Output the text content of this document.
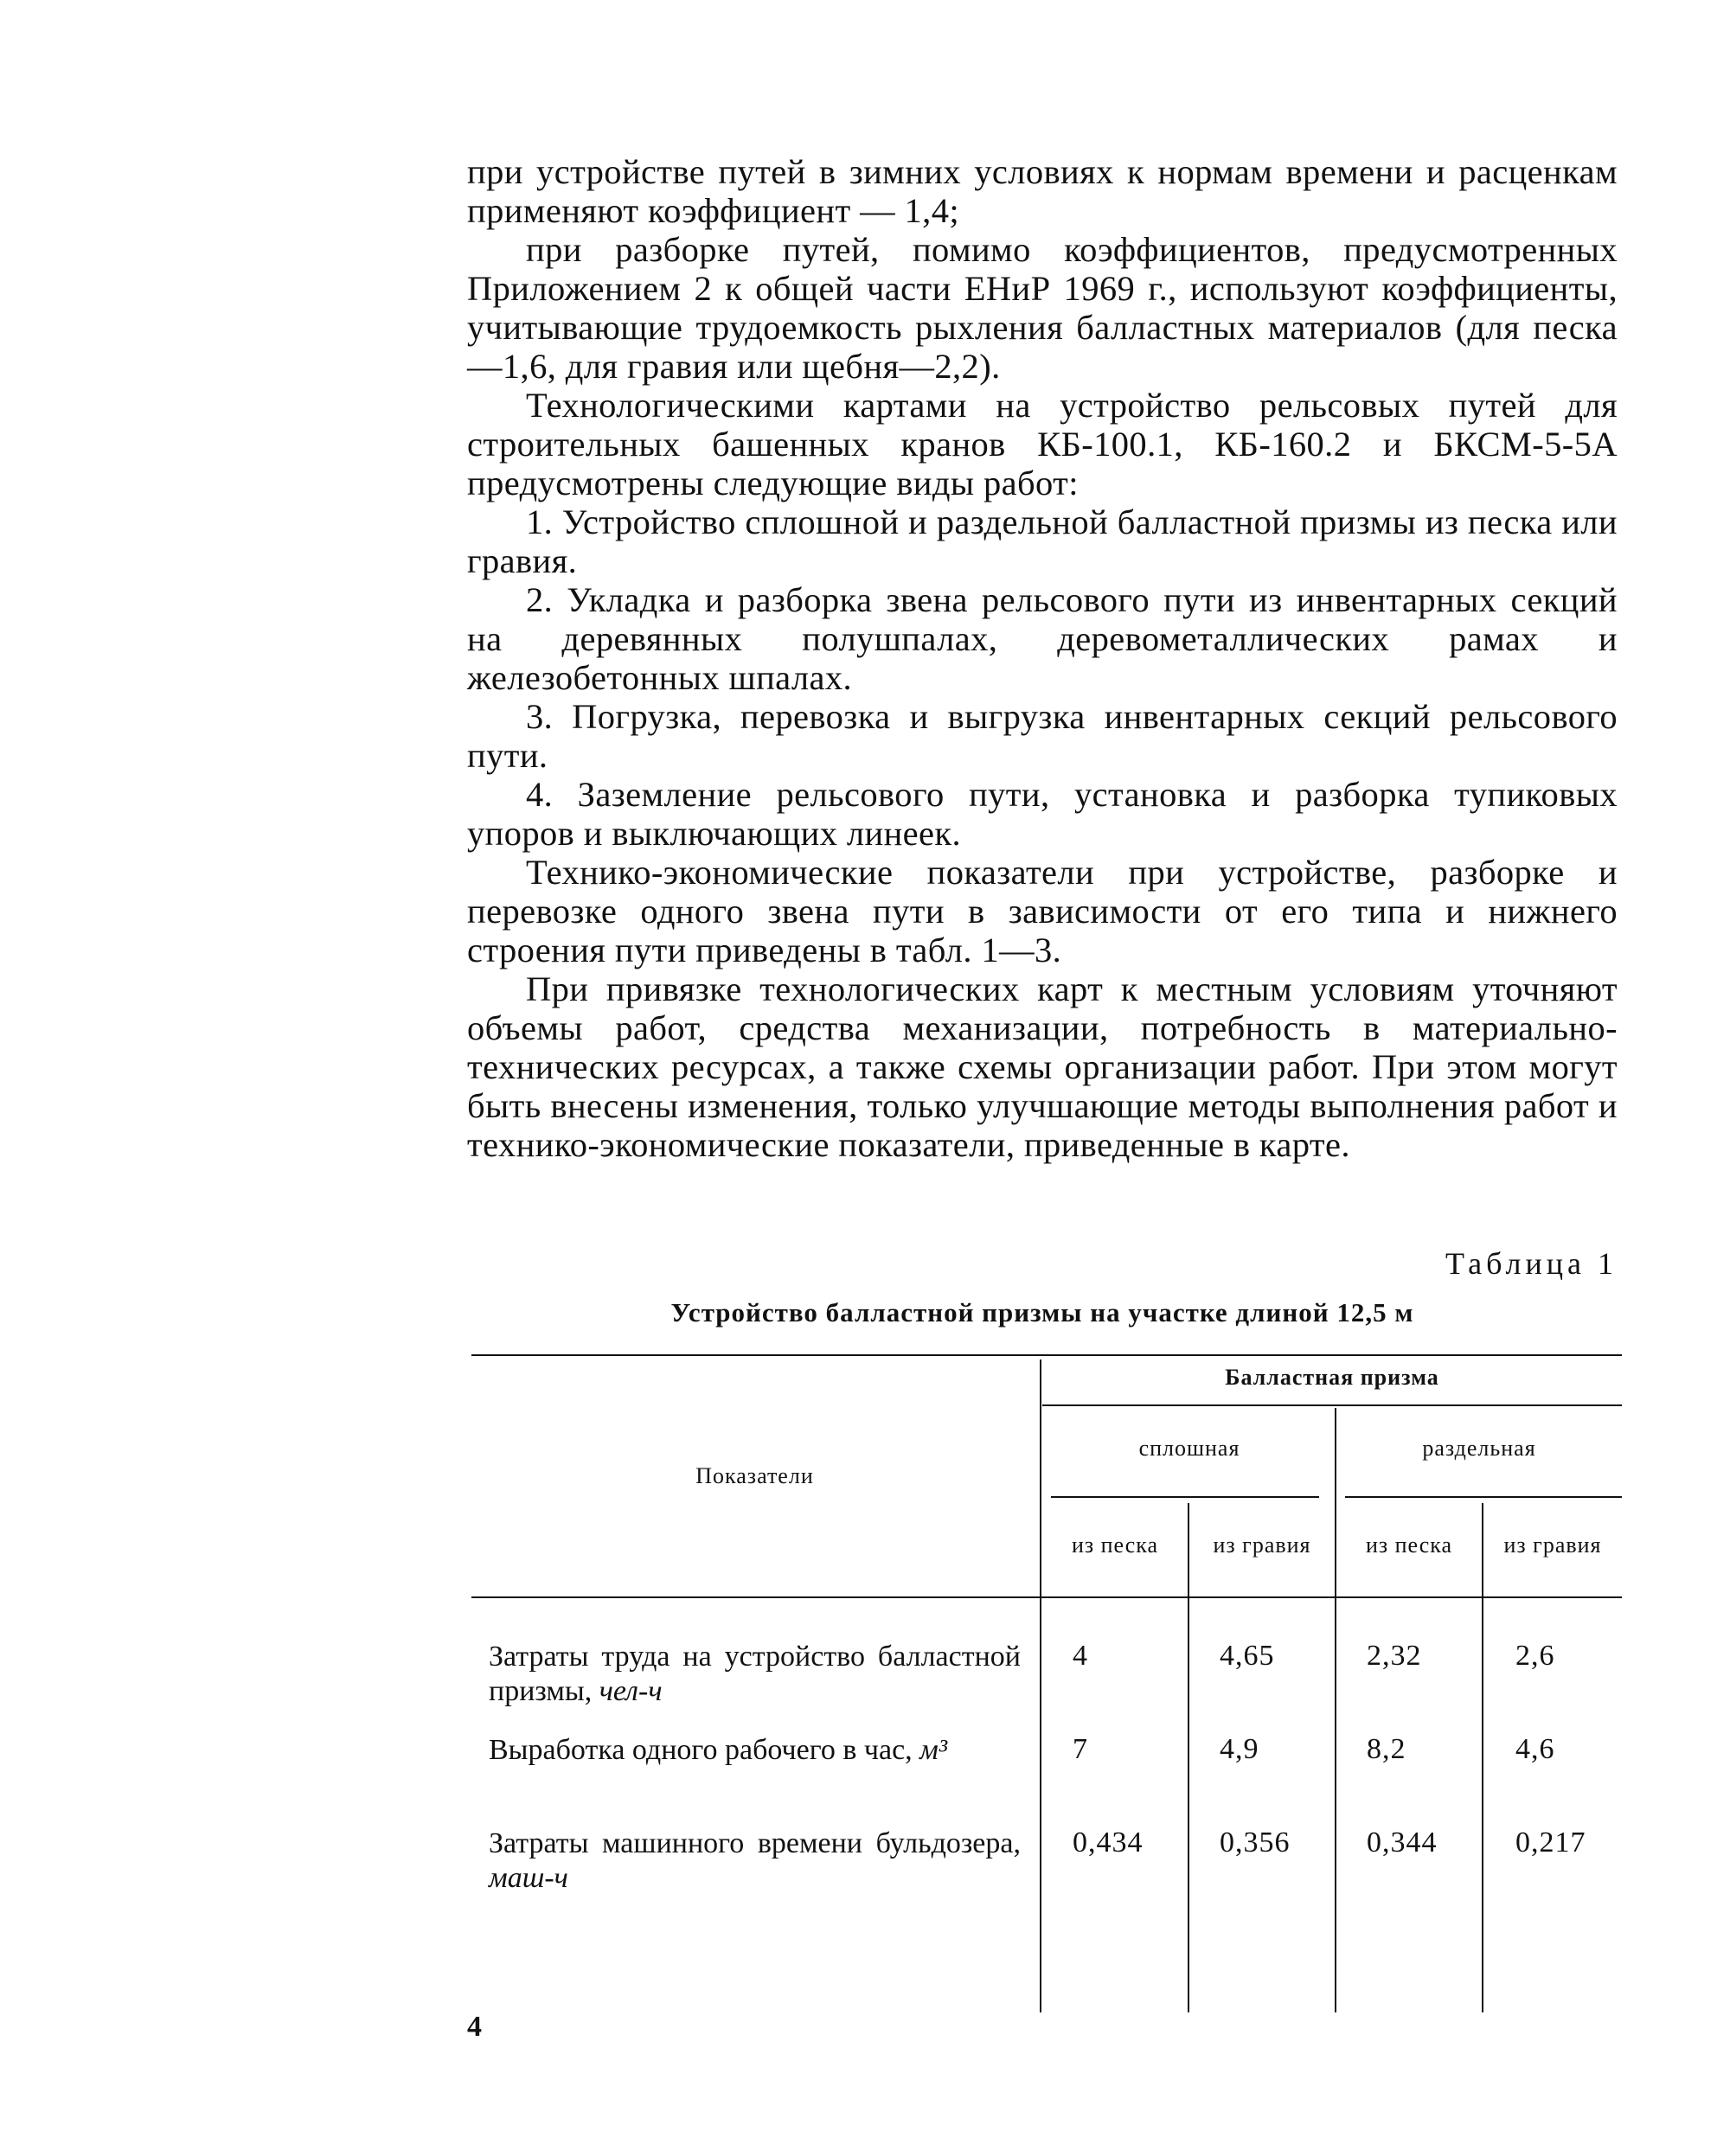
при устройстве путей в зимних условиях к нормам времени и расценкам применяют коэффициент — 1,4;

при разборке путей, помимо коэффициентов, предусмотренных Приложением 2 к общей части ЕНиР 1969 г., используют коэффициенты, учитывающие трудоемкость рыхления балластных материалов (для песка—1,6, для гравия или щебня—2,2).

Технологическими картами на устройство рельсовых путей для строительных башенных кранов КБ-100.1, КБ-160.2 и БКСМ-5-5А предусмотрены следующие виды работ:

1. Устройство сплошной и раздельной балластной призмы из песка или гравия.

2. Укладка и разборка звена рельсового пути из инвентарных секций на деревянных полушпалах, деревометаллических рамах и железобетонных шпалах.

3. Погрузка, перевозка и выгрузка инвентарных секций рельсового пути.

4. Заземление рельсового пути, установка и разборка тупиковых упоров и выключающих линеек.

Технико-экономические показатели при устройстве, разборке и перевозке одного звена пути в зависимости от его типа и нижнего строения пути приведены в табл. 1—3.

При привязке технологических карт к местным условиям уточняют объемы работ, средства механизации, потребность в материально-технических ресурсах, а также схемы организации работ. При этом могут быть внесены изменения, только улучшающие методы выполнения работ и технико-экономические показатели, приведенные в карте.

Таблица 1
Устройство балластной призмы на участке длиной 12,5 м
Показатели
Балластная призма
сплошная	раздельная
из песка	из гравия	из песка	из гравия
Затраты труда на устройство балластной призмы, чел-ч
4	4,65	2,32	2,6
Выработка одного рабочего в час, м³	7	4,9	8,2	4,6
Затраты машинного времени бульдозера, маш-ч
0,434	0,356	0,344	0,217
4
